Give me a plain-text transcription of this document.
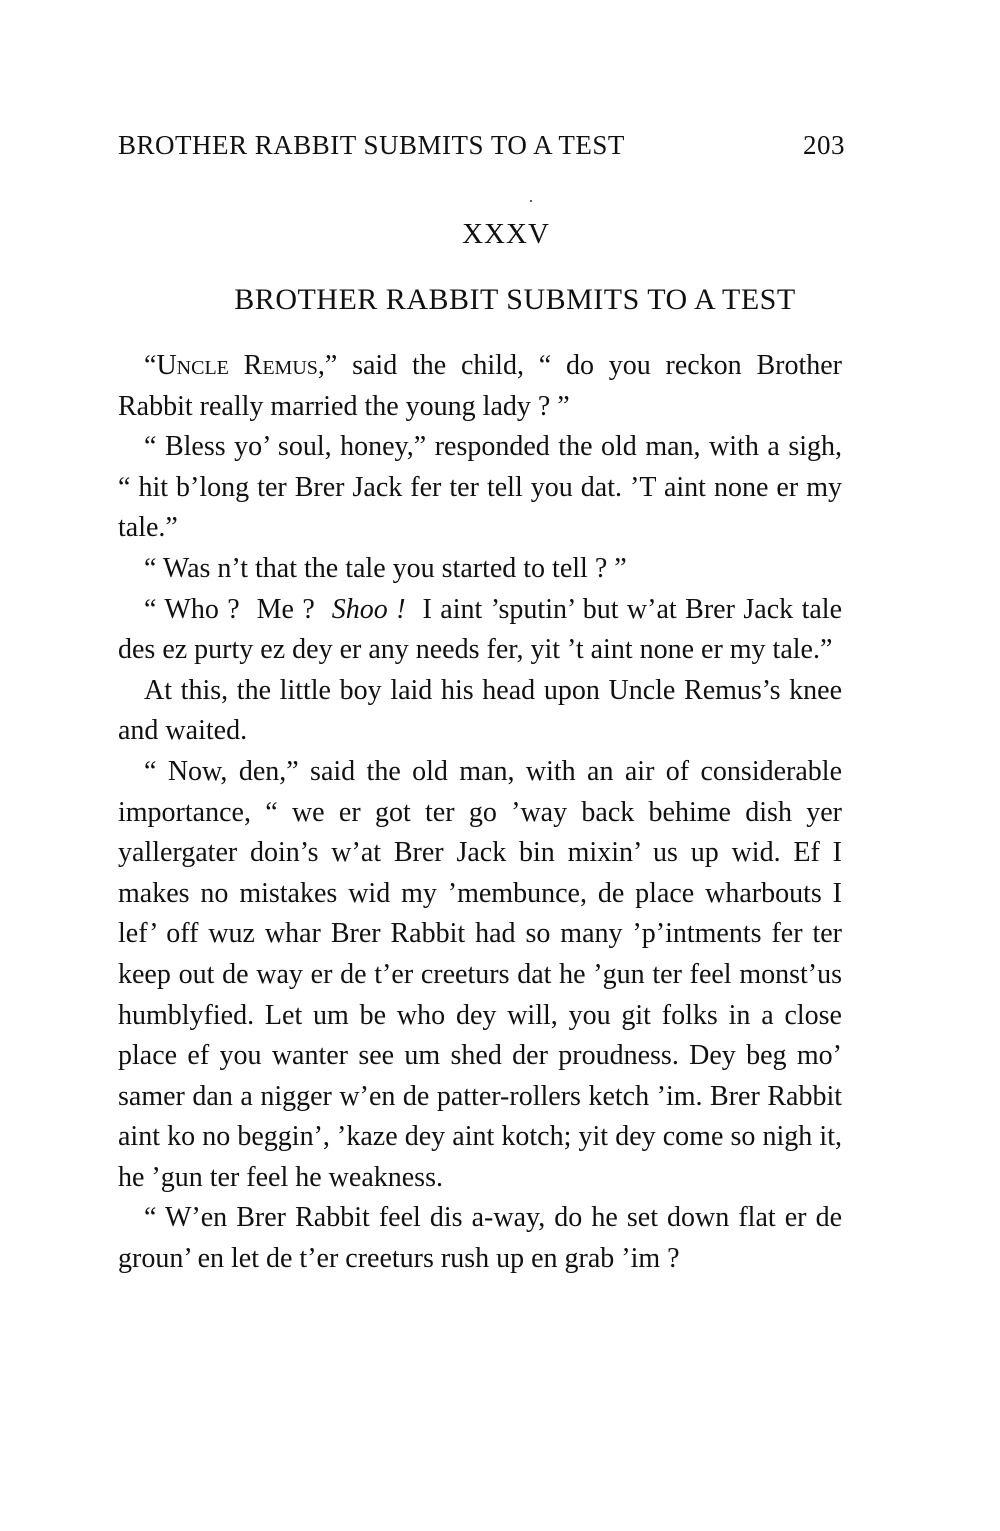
BROTHER RABBIT SUBMITS TO A TEST	203
XXXV
BROTHER RABBIT SUBMITS TO A TEST

“Uncle Remus,” said the child, “ do you reckon Brother Rabbit really married the young lady ? ”

“ Bless yo’ soul, honey,” responded the old man, with a sigh, “ hit b’long ter Brer Jack fer ter tell you dat. ’T aint none er my tale.”

“ Was n’t that the tale you started to tell ? ”

“ Who ?  Me ?  Shoo !  I aint ’sputin’ but w’at Brer Jack tale des ez purty ez dey er any needs fer, yit ’t aint none er my tale.”

At this, the little boy laid his head upon Uncle Remus’s knee and waited.

“ Now, den,” said the old man, with an air of considerable importance, “ we er got ter go ’way back behime dish yer yallergater doin’s w’at Brer Jack bin mixin’ us up wid. Ef I makes no mistakes wid my ’membunce, de place wharbouts I lef’ off wuz whar Brer Rabbit had so many ’p’intments fer ter keep out de way er de t’er creeturs dat he ’gun ter feel monst’us humblyfied. Let um be who dey will, you git folks in a close place ef you wanter see um shed der proudness. Dey beg mo’ samer dan a nigger w’en de patter-rollers ketch ’im. Brer Rabbit aint ko no beggin’, ’kaze dey aint kotch; yit dey come so nigh it, he ’gun ter feel he weakness.

“ W’en Brer Rabbit feel dis a-way, do he set down flat er de groun’ en let de t’er creeturs rush up en grab ’im ?
